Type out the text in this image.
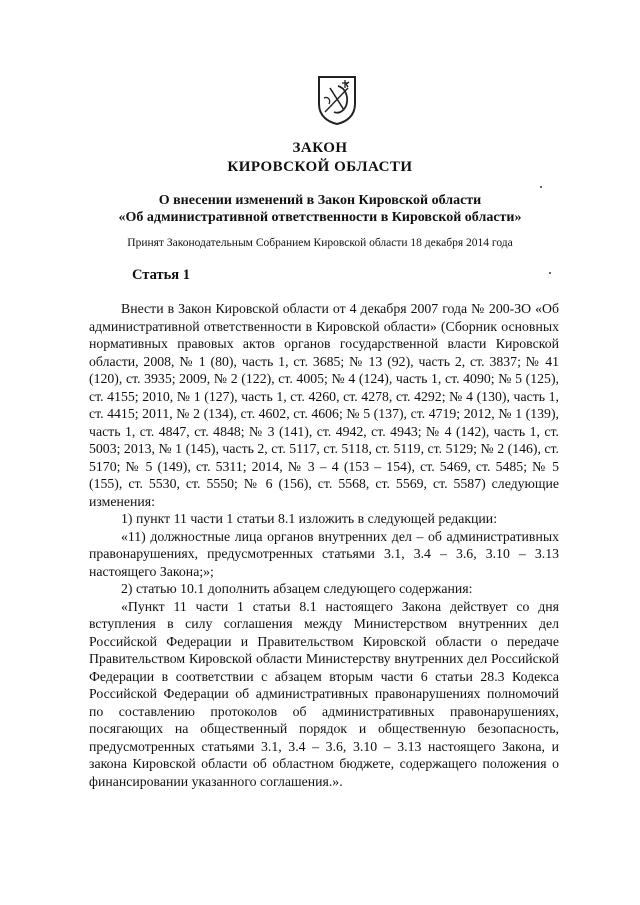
ЗАКОН
КИРОВСКОЙ ОБЛАСТИ
О внесении изменений в Закон Кировской области
«Об административной ответственности в Кировской области»
Принят Законодательным Собранием Кировской области 18 декабря 2014 года
Статья 1

Внести в Закон Кировской области от 4 декабря 2007 года № 200-ЗО «Об административной ответственности в Кировской области» (Сборник основных нормативных правовых актов органов государственной власти Кировской области, 2008, № 1 (80), часть 1, ст. 3685; № 13 (92), часть 2, ст. 3837; № 41 (120), ст. 3935; 2009, № 2 (122), ст. 4005; № 4 (124), часть 1, ст. 4090; № 5 (125), ст. 4155; 2010, № 1 (127), часть 1, ст. 4260, ст. 4278, ст. 4292; № 4 (130), часть 1, ст. 4415; 2011, № 2 (134), ст. 4602, ст. 4606; № 5 (137), ст. 4719; 2012, № 1 (139), часть 1, ст. 4847, ст. 4848; № 3 (141), ст. 4942, ст. 4943; № 4 (142), часть 1, ст. 5003; 2013, № 1 (145), часть 2, ст. 5117, ст. 5118, ст. 5119, ст. 5129; № 2 (146), ст. 5170; № 5 (149), ст. 5311; 2014, № 3 – 4 (153 – 154), ст. 5469, ст. 5485; № 5 (155), ст. 5530, ст. 5550; № 6 (156), ст. 5568, ст. 5569, ст. 5587) следующие изменения:

1) пункт 11 части 1 статьи 8.1 изложить в следующей редакции:

«11) должностные лица органов внутренних дел – об административных правонарушениях, предусмотренных статьями 3.1, 3.4 – 3.6, 3.10 – 3.13 настоящего Закона;»;

2) статью 10.1 дополнить абзацем следующего содержания:

«Пункт 11 части 1 статьи 8.1 настоящего Закона действует со дня вступления в силу соглашения между Министерством внутренних дел Российской Федерации и Правительством Кировской области о передаче Правительством Кировской области Министерству внутренних дел Российской Федерации в соответствии с абзацем вторым части 6 статьи 28.3 Кодекса Российской Федерации об административных правонарушениях полномочий по составлению протоколов об административных правонарушениях, посягающих на общественный порядок и общественную безопасность, предусмотренных статьями 3.1, 3.4 – 3.6, 3.10 – 3.13 настоящего Закона, и закона Кировской области об областном бюджете, содержащего положения о финансировании указанного соглашения.».
